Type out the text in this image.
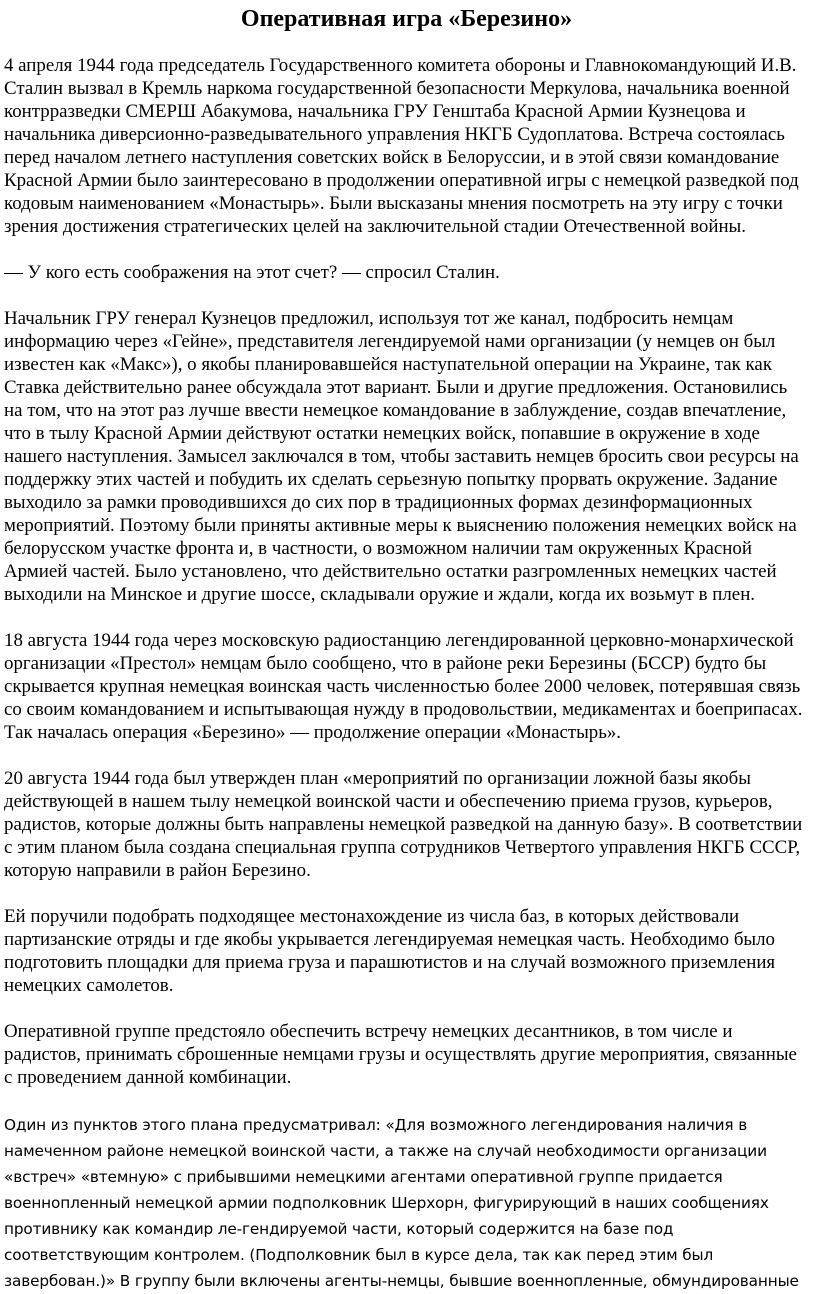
Оперативная игра «Березино»

4 апреля 1944 года председатель Государственного комитета обороны и Главнокомандующий И.В. Сталин вызвал в Кремль наркома государственной безопасности Меркулова, начальника военной контрразведки СМЕРШ Абакумова, начальника ГРУ Генштаба Красной Армии Кузнецова и начальника диверсионно-разведывательного управления НКГБ Судоплатова. Встреча состоялась перед началом летнего наступления советских войск в Белоруссии, и в этой связи командование Красной Армии было заинтересовано в продолжении оперативной игры с немецкой разведкой под кодовым наименованием «Монастырь». Были высказаны мнения посмотреть на эту игру с точки зрения достижения стратегических целей на заключительной стадии Отечественной войны.

— У кого есть соображения на этот счет? — спросил Сталин.

Начальник ГРУ генерал Кузнецов предложил, используя тот же канал, подбросить немцам информацию через «Гейне», представителя легендируемой нами организации (у немцев он был известен как «Макс»), о якобы планировавшейся наступательной операции на Украине, так как Ставка действительно ранее обсуждала этот вариант. Были и другие предложения. Остановились на том, что на этот раз лучше ввести немецкое командование в заблуждение, создав впечатление, что в тылу Красной Армии действуют остатки немецких войск, попавшие в окружение в ходе нашего наступления. Замысел заключался в том, чтобы заставить немцев бросить свои ресурсы на поддержку этих частей и побудить их сделать серьезную попытку прорвать окружение. Задание выходило за рамки проводившихся до сих пор в традиционных формах дезинформационных мероприятий. Поэтому были приняты активные меры к выяснению положения немецких войск на белорусском участке фронта и, в частности, о возможном наличии там окруженных Красной Армией частей. Было установлено, что действительно остатки разгромленных немецких частей выходили на Минское и другие шоссе, складывали оружие и ждали, когда их возьмут в плен.

18 августа 1944 года через московскую радиостанцию легендированной церковно-монархической организации «Престол» немцам было сообщено, что в районе реки Березины (БССР) будто бы скрывается крупная немецкая воинская часть численностью более 2000 человек, потерявшая связь со своим командованием и испытывающая нужду в продовольствии, медикаментах и боеприпасах. Так началась операция «Березино» — продолжение операции «Монастырь».

20 августа 1944 года был утвержден план «мероприятий по организации ложной базы якобы действующей в нашем тылу немецкой воинской части и обеспечению приема грузов, курьеров, радистов, которые должны быть направлены немецкой разведкой на данную базу». В соответствии с этим планом была создана специальная группа сотрудников Четвертого управления НКГБ СССР, которую направили в район Березино.

Ей поручили подобрать подходящее местонахождение из числа баз, в которых действовали партизанские отряды и где якобы укрывается легендируемая немецкая часть. Необходимо было подготовить площадки для приема груза и парашютистов и на случай возможного приземления немецких самолетов.

Оперативной группе предстояло обеспечить встречу немецких десантников, в том числе и радистов, принимать сброшенные немцами грузы и осуществлять другие мероприятия, связанные с проведением данной комбинации.

Один из пунктов этого плана предусматривал: «Для возможного легендирования наличия в намеченном районе немецкой воинской части, а также на случай необходимости организации «встреч» «втемную» с прибывшими немецкими агентами оперативной группе придается военнопленный немецкой армии подполковник Шерхорн, фигурирующий в наших сообщениях противнику как командир ле-гендируемой части, который содержится на базе под соответствующим контролем. (Подполковник был в курсе дела, так как перед этим был завербован.)» В группу были включены агенты-немцы, бывшие военнопленные, обмундированные
